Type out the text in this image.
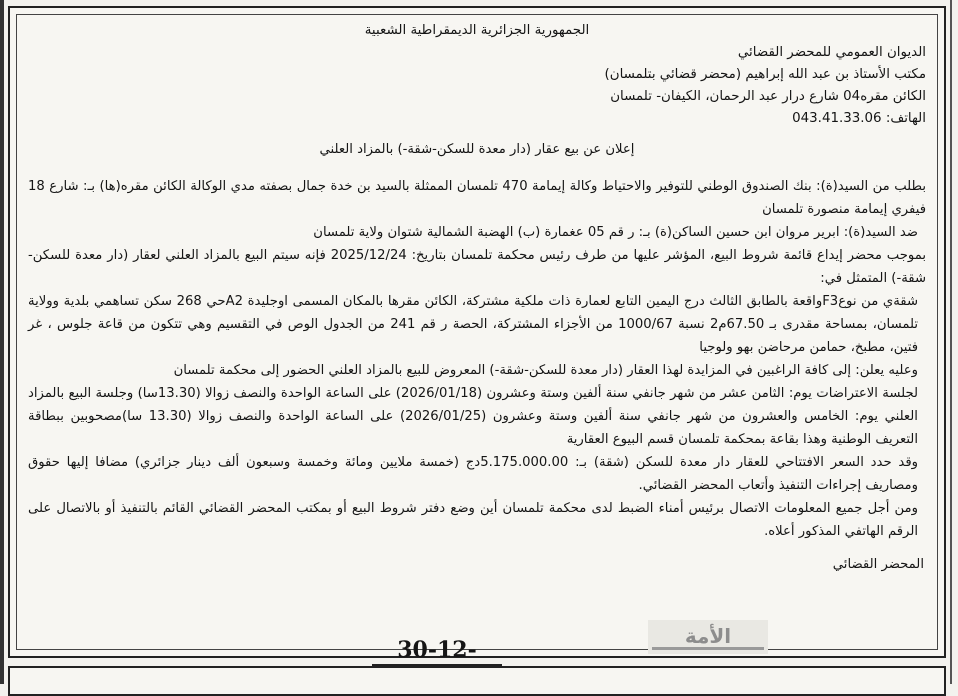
الجمهورية الجزائرية الديمقراطية الشعبية
الديوان العمومي للمحضر القضائي
مكتب الأستاذ بن عبد الله إبراهيم (محضر قضائي بتلمسان)
الكائن مقره04 شارع درار عبد الرحمان، الكيفان- تلمسان
الهاتف: 043.41.33.06
إعلان عن بيع عقار (دار معدة للسكن-شقة-) بالمزاد العلني

بطلب من السيد(ة): بنك الصندوق الوطني للتوفير والاحتياط وكالة إيمامة 470 تلمسان الممثلة بالسيد بن خدة جمال بصفته مدي الوكالة الكائن مقره(ها) بـ: شارع 18 فيفري إيمامة منصورة تلمسان

ضد السيد(ة): ابرير مروان ابن حسين الساكن(ة) بـ: ر قم 05 عغمارة (ب) الهضبة الشمالية شتوان ولاية تلمسان

بموجب محضر إيداع قائمة شروط البيع، المؤشر عليها من طرف رئيس محكمة تلمسان بتاريخ: 2025/12/24 فإنه سيتم البيع بالمزاد العلني لعقار (دار معدة للسكن-شقة-) المتمثل في:

شقةي من نوعF3واقعة بالطابق الثالث درج اليمين التابع لعمارة ذات ملكية مشتركة، الكائن مقرها بالمكان المسمى اوجليدة A2حي 268 سكن تساهمي بلدية وولاية تلمسان، بمساحة مقدرى بـ 67.50م2 نسبة 1000/67 من الأجزاء المشتركة، الحصة ر قم 241 من الجدول الوص في التقسيم وهي تتكون من قاعة جلوس ، غر فتين، مطبخ، حمامن مرحاضن بهو ولوجيا

وعليه يعلن: إلى كافة الراغبين في المزايدة لهذا العقار (دار معدة للسكن-شقة-) المعروض للبيع بالمزاد العلني الحضور إلى محكمة تلمسان

لجلسة الاعتراضات يوم: الثامن عشر من شهر جانفي سنة ألفين وستة وعشرون (2026/01/18) على الساعة الواحدة والنصف زوالا (13.30سا) وجلسة البيع بالمزاد العلني يوم: الخامس والعشرون من شهر جانفي سنة ألفين وستة وعشرون (2026/01/25) على الساعة الواحدة والنصف زوالا (13.30 سا)مصحوبين ببطاقة التعريف الوطنية وهذا بقاعة بمحكمة تلمسان قسم البيوع العقارية

وقد حدد السعر الافتتاحي للعقار دار معدة للسكن (شقة) بـ: 5.175.000.00دج (خمسة ملايين ومائة وخمسة وسبعون ألف دينار جزائري) مضافا إليها حقوق ومصاريف إجراءات التنفيذ وأتعاب المحضر القضائي.

ومن أجل جميع المعلومات الاتصال برئيس أمناء الضبط لدى محكمة تلمسان أين وضع دفتر شروط البيع أو بمكتب المحضر القضائي القائم بالتنفيذ أو بالاتصال على الرقم الهاتفي المذكور أعلاه.

المحضر القضائي
30-12-
الأمة
